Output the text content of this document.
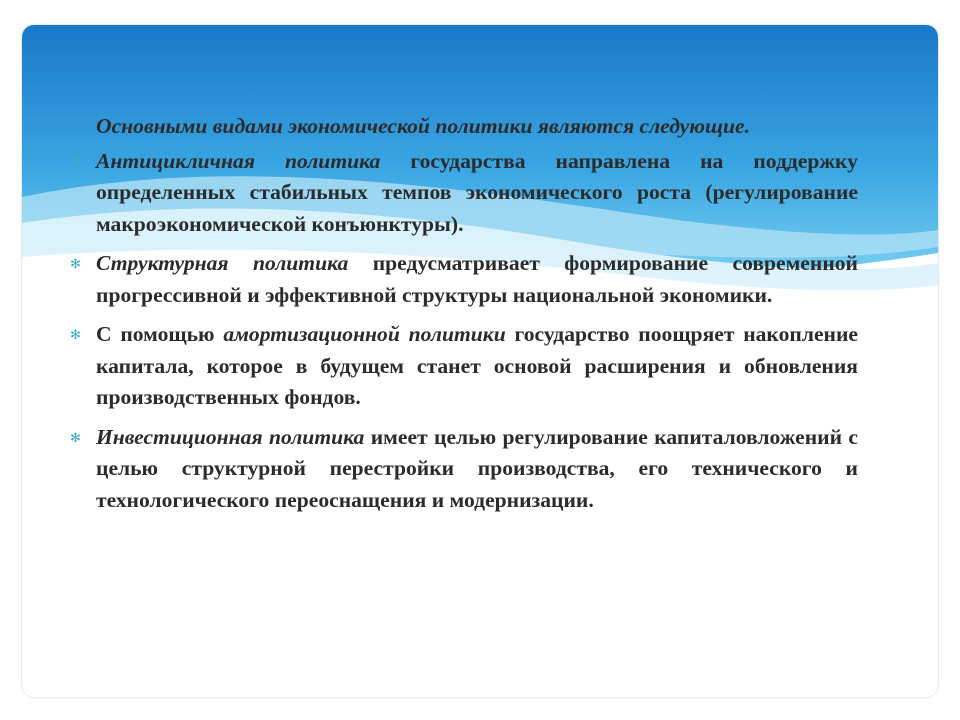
Основными видами экономической политики являются следующие.

✻ Антицикличная политика государства направлена на поддержку определенных стабильных темпов экономического роста (регулирование макроэкономической конъюнктуры).

✻ Структурная политика предусматривает формирование современной прогрессивной и эффективной структуры национальной экономики.

✻ С помощью амортизационной политики государство поощряет накопление капитала, которое в будущем станет основой расширения и обновления производственных фондов.

✻ Инвестиционная политика имеет целью регулирование капиталовложений с целью структурной перестройки производства, его технического и технологического переоснащения и модернизации.
